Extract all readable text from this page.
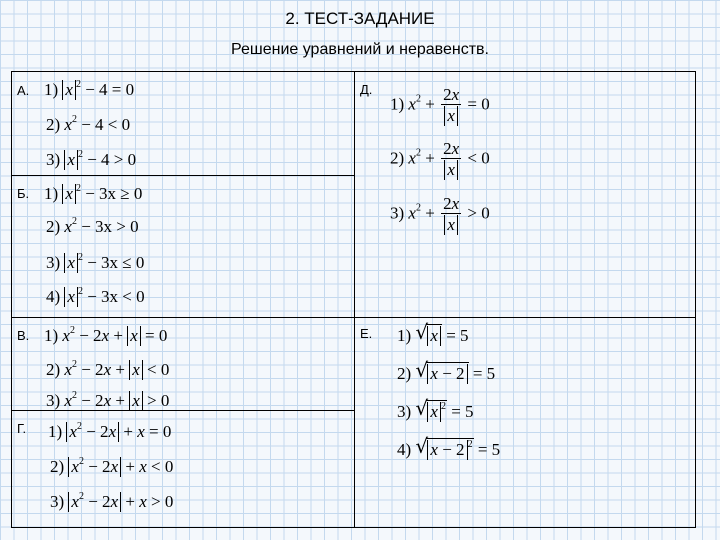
2. ТЕСТ-ЗАДАНИЕ
Решение уравнений и неравенств.
А. 1) x $^2$ − 4 = 0
2) $x^2 - 4 < 0$
3) x $^2$ − 4 > 0
Б. 1) x $^2$ − 3x ≥ 0
2) $x^2 - 3x > 0$
3) x $^2$ − 3x ≤ 0
4) x $^2$ − 3x < 0
В. 1) $x^2 - 2x + x = 0$
2) $x^2 - 2x + x < 0$
3) $x^2 - 2x + x > 0$
Г. 1) $x^2 - 2x + x = 0$
2) $x^2 - 2x + x < 0$
3) $x^2 - 2x + x > 0$
Д.
1) $x^2 + \frac{2x}{x} = 0$
2) $x^2 + \frac{2x}{x} < 0$
3) $x^2 + \frac{2x}{x} > 0$
Е. 1) √ x = 5
2) √ x − 2 = 5
3) √ x $^2$ = 5
4) √ x − 2 $^2$ = 5
